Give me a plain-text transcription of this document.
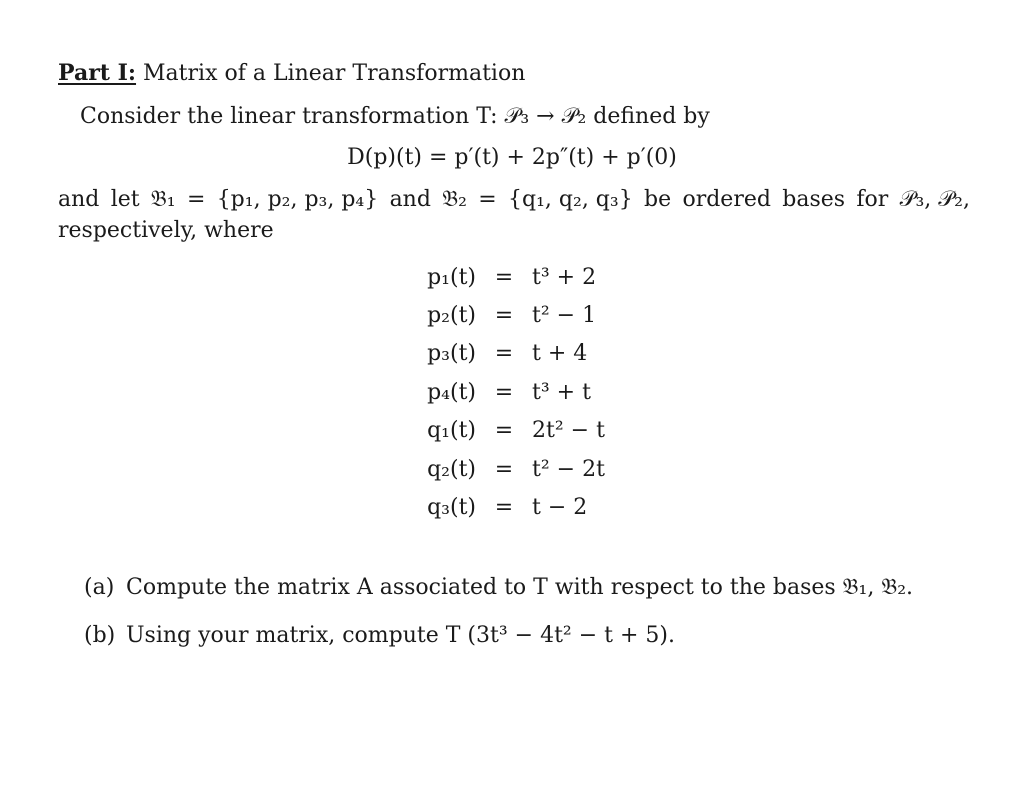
Part I: Matrix of a Linear Transformation
Consider the linear transformation T: 𝒫₃ → 𝒫₂ defined by
D(p)(t) = p′(t) + 2p″(t) + p′(0)
and let 𝔅₁ = {p₁, p₂, p₃, p₄} and 𝔅₂ = {q₁, q₂, q₃} be ordered bases for 𝒫₃, 𝒫₂,
respectively, where
p₁(t)	=	t³ + 2
p₂(t)	=	t² − 1
p₃(t)	=	t + 4
p₄(t)	=	t³ + t
q₁(t)	=	2t² − t
q₂(t)	=	t² − 2t
q₃(t)	=	t − 2
(a) Compute the matrix A associated to T with respect to the bases 𝔅₁, 𝔅₂.
(b) Using your matrix, compute T (3t³ − 4t² − t + 5).
